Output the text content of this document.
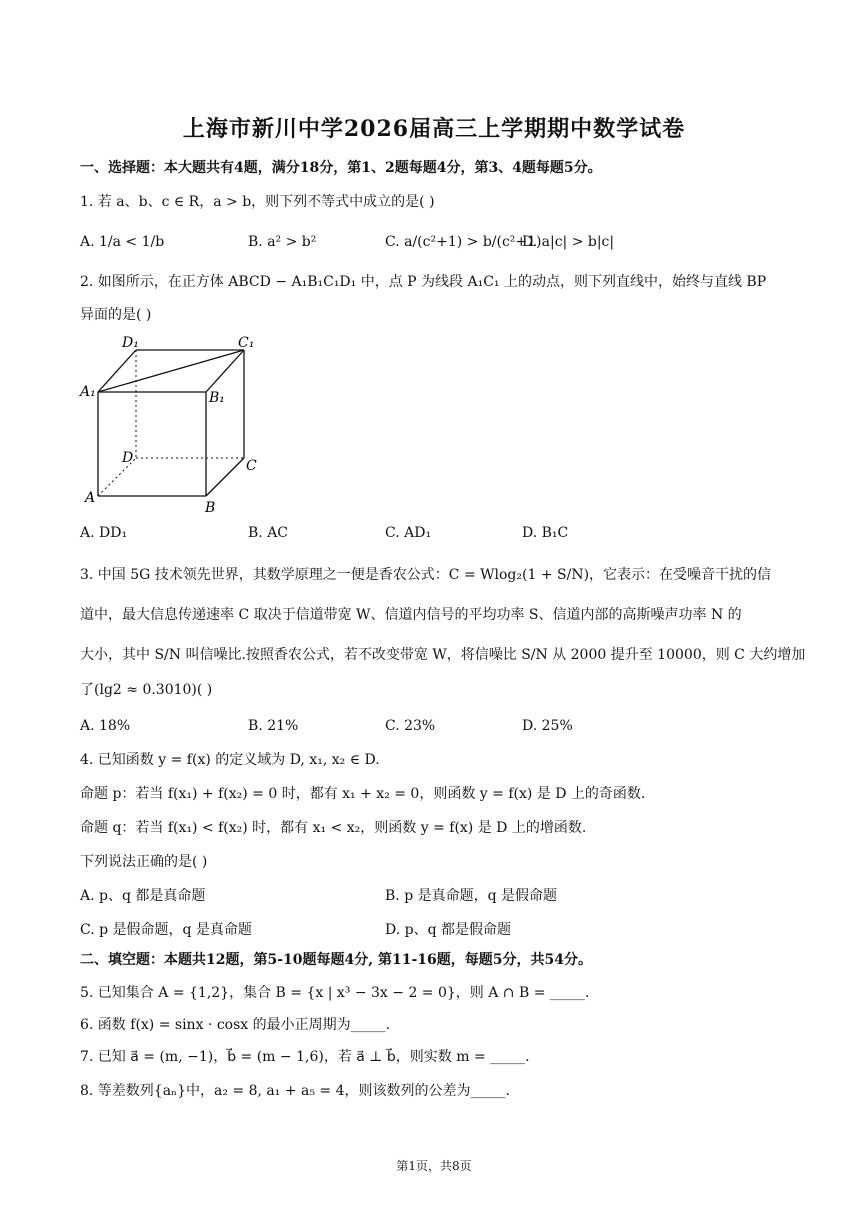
上海市新川中学2026届高三上学期期中数学试卷
一、选择题：本大题共有4题，满分18分，第1、2题每题4分，第3、4题每题5分。
1. 若 a、b、c ∈ R，a > b，则下列不等式中成立的是( )
A. 1/a < 1/b	B. a² > b²	C. a/(c²+1) > b/(c²+1)
D. a|c| > b|c|
2. 如图所示，在正方体 ABCD − A₁B₁C₁D₁ 中，点 P 为线段 A₁C₁ 上的动点，则下列直线中，始终与直线 BP
异面的是( )
D₁	C₁
A₁	B₁
D	C
A
B
A. DD₁	B. AC	C. AD₁	D. B₁C
3. 中国 5G 技术领先世界，其数学原理之一便是香农公式：C = Wlog₂(1 + S/N)，它表示：在受噪音干扰的信
道中，最大信息传递速率 C 取决于信道带宽 W、信道内信号的平均功率 S、信道内部的高斯噪声功率 N 的
大小，其中 S/N 叫信噪比.按照香农公式，若不改变带宽 W，将信噪比 S/N 从 2000 提升至 10000，则 C 大约增加
了(lg2 ≈ 0.3010)( )
A. 18%	B. 21%	C. 23%	D. 25%
4. 已知函数 y = f(x) 的定义域为 D, x₁, x₂ ∈ D.
命题 p：若当 f(x₁) + f(x₂) = 0 时，都有 x₁ + x₂ = 0，则函数 y = f(x) 是 D 上的奇函数.
命题 q：若当 f(x₁) < f(x₂) 时，都有 x₁ < x₂，则函数 y = f(x) 是 D 上的增函数.
下列说法正确的是( )
A. p、q 都是真命题	B. p 是真命题，q 是假命题
C. p 是假命题，q 是真命题	D. p、q 都是假命题
二、填空题：本题共12题，第5-10题每题4分, 第11-16题，每题5分，共54分。
5. 已知集合 A = {1,2}，集合 B = {x | x³ − 3x − 2 = 0}，则 A ∩ B = _____.
6. 函数 f(x) = sinx · cosx 的最小正周期为_____.
7. 已知 a⃗ = (m, −1)，b⃗ = (m − 1,6)，若 a⃗ ⊥ b⃗，则实数 m = _____.
8. 等差数列{aₙ}中，a₂ = 8, a₁ + a₅ = 4，则该数列的公差为_____.
第1页，共8页
